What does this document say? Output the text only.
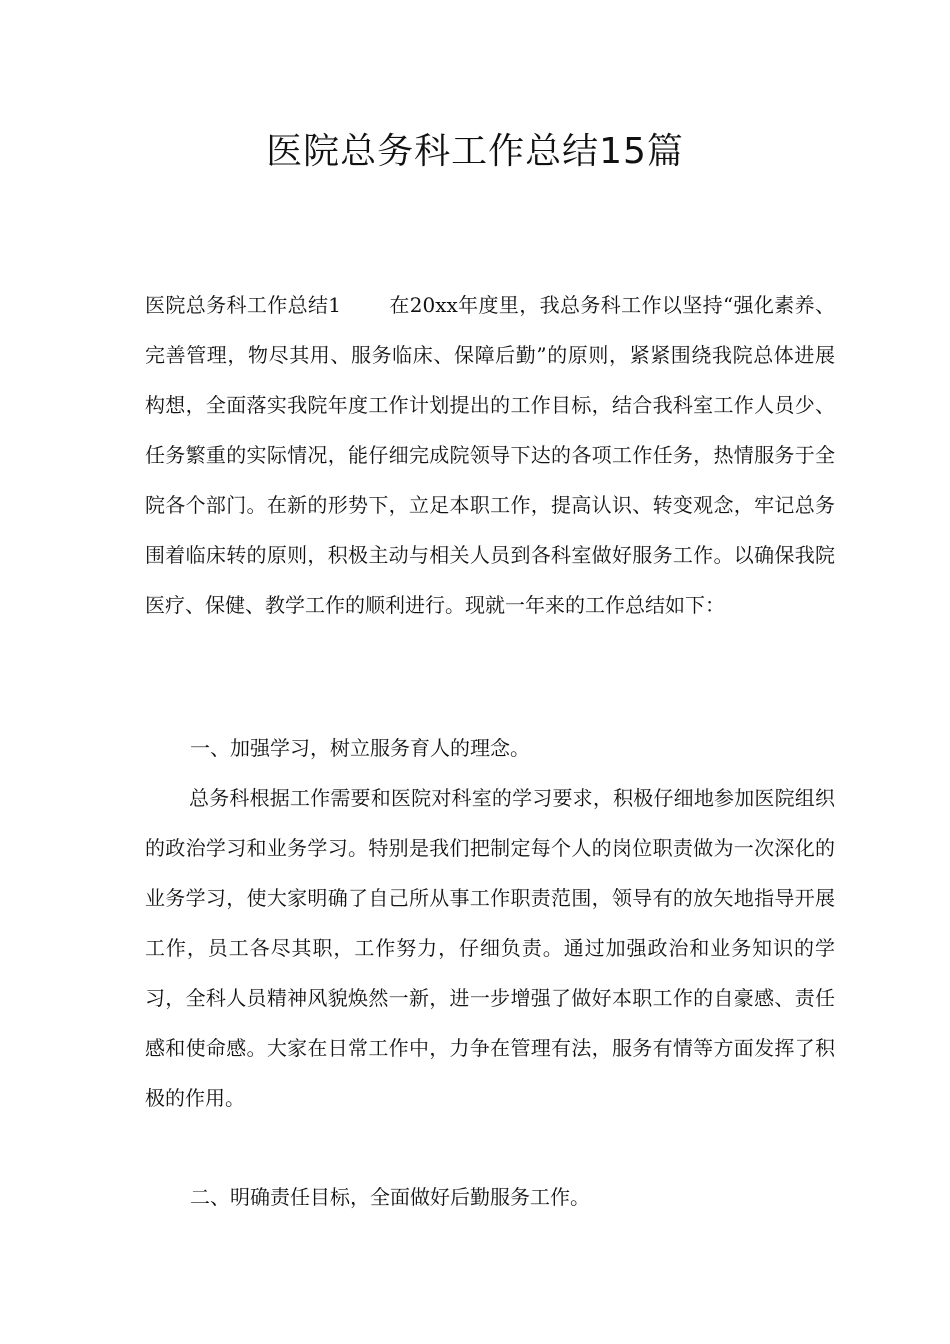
医院总务科工作总结15篇
医院总务科工作总结1 在20xx年度里，我总务科工作以坚持“强化素养、完善管理，物尽其用、服务临床、保障后勤”的原则，紧紧围绕我院总体进展构想，全面落实我院年度工作计划提出的工作目标，结合我科室工作人员少、任务繁重的实际情况，能仔细完成院领导下达的各项工作任务，热情服务于全院各个部门。在新的形势下，立足本职工作，提高认识、转变观念，牢记总务围着临床转的原则，积极主动与相关人员到各科室做好服务工作。以确保我院医疗、保健、教学工作的顺利进行。现就一年来的工作总结如下：
一、加强学习，树立服务育人的理念。
总务科根据工作需要和医院对科室的学习要求，积极仔细地参加医院组织的政治学习和业务学习。特别是我们把制定每个人的岗位职责做为一次深化的业务学习，使大家明确了自己所从事工作职责范围，领导有的放矢地指导开展工作，员工各尽其职，工作努力，仔细负责。通过加强政治和业务知识的学习，全科人员精神风貌焕然一新，进一步增强了做好本职工作的自豪感、责任感和使命感。大家在日常工作中，力争在管理有法，服务有情等方面发挥了积极的作用。
二、明确责任目标，全面做好后勤服务工作。
